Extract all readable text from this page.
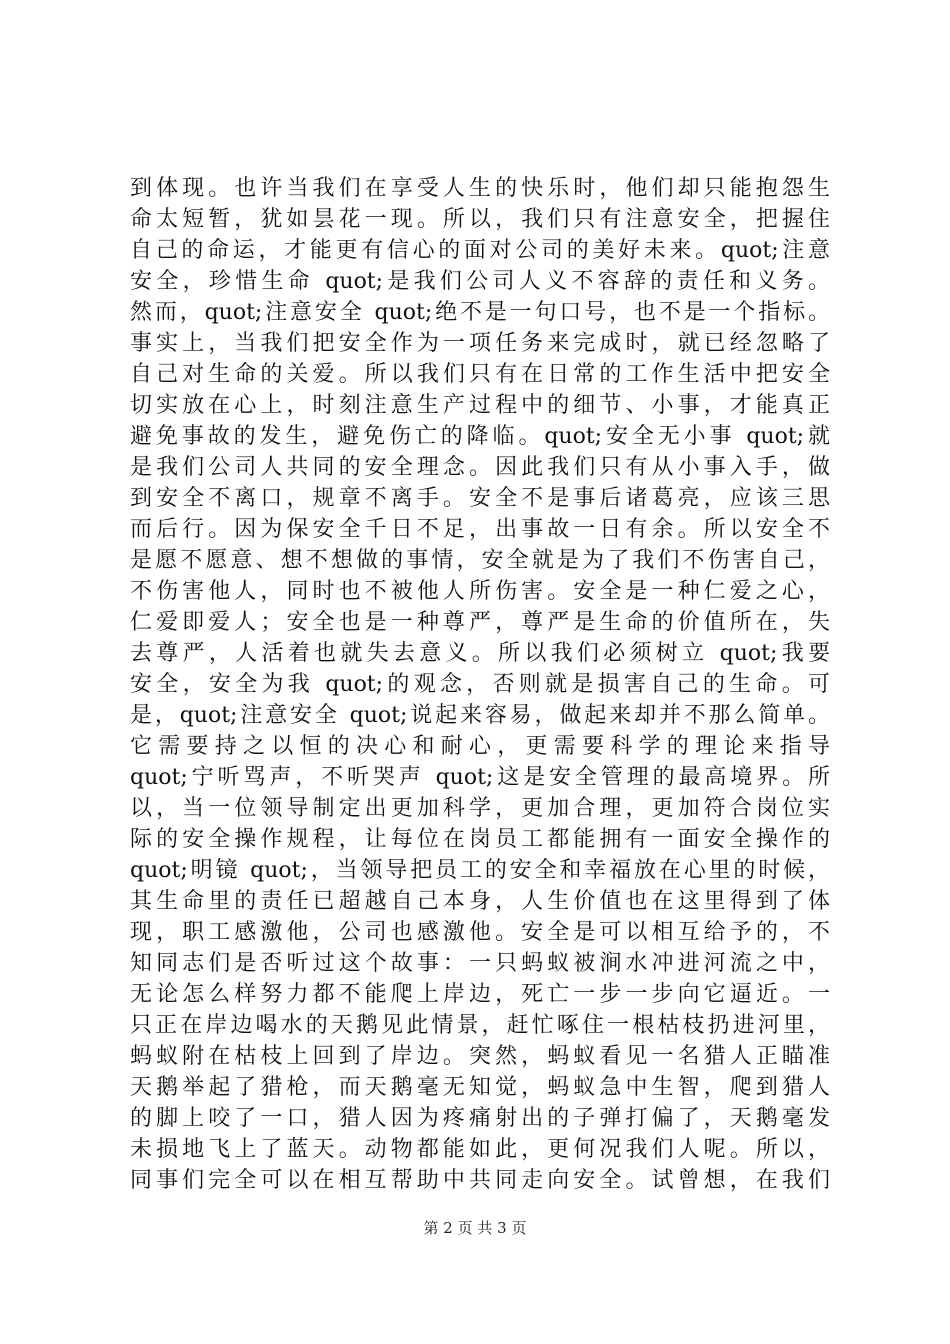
到体现。也许当我们在享受人生的快乐时，他们却只能抱怨生
命太短暂，犹如昙花一现。所以，我们只有注意安全，把握住
自己的命运，才能更有信心的面对公司的美好未来。quot;注意
安全，珍惜生命 quot;是我们公司人义不容辞的责任和义务。
然而，quot;注意安全 quot;绝不是一句口号，也不是一个指标。
事实上，当我们把安全作为一项任务来完成时，就已经忽略了
自己对生命的关爱。所以我们只有在日常的工作生活中把安全
切实放在心上，时刻注意生产过程中的细节、小事，才能真正
避免事故的发生，避免伤亡的降临。quot;安全无小事 quot;就
是我们公司人共同的安全理念。因此我们只有从小事入手，做
到安全不离口，规章不离手。安全不是事后诸葛亮，应该三思
而后行。因为保安全千日不足，出事故一日有余。所以安全不
是愿不愿意、想不想做的事情，安全就是为了我们不伤害自己，
不伤害他人，同时也不被他人所伤害。安全是一种仁爱之心，
仁爱即爱人；安全也是一种尊严，尊严是生命的价值所在，失
去尊严，人活着也就失去意义。所以我们必须树立 quot;我要
安全，安全为我 quot;的观念，否则就是损害自己的生命。可
是，quot;注意安全 quot;说起来容易，做起来却并不那么简单。
它需要持之以恒的决心和耐心，更需要科学的理论来指导
quot;宁听骂声，不听哭声 quot;这是安全管理的最高境界。所
以，当一位领导制定出更加科学，更加合理，更加符合岗位实
际的安全操作规程，让每位在岗员工都能拥有一面安全操作的
quot;明镜 quot;，当领导把员工的安全和幸福放在心里的时候，
其生命里的责任已超越自己本身，人生价值也在这里得到了体
现，职工感激他，公司也感激他。安全是可以相互给予的，不
知同志们是否听过这个故事：一只蚂蚁被涧水冲进河流之中，
无论怎么样努力都不能爬上岸边，死亡一步一步向它逼近。一
只正在岸边喝水的天鹅见此情景，赶忙啄住一根枯枝扔进河里，
蚂蚁附在枯枝上回到了岸边。突然，蚂蚁看见一名猎人正瞄准
天鹅举起了猎枪，而天鹅毫无知觉，蚂蚁急中生智，爬到猎人
的脚上咬了一口，猎人因为疼痛射出的子弹打偏了，天鹅毫发
未损地飞上了蓝天。动物都能如此，更何况我们人呢。所以，
同事们完全可以在相互帮助中共同走向安全。试曾想，在我们
第 2 页 共 3 页
